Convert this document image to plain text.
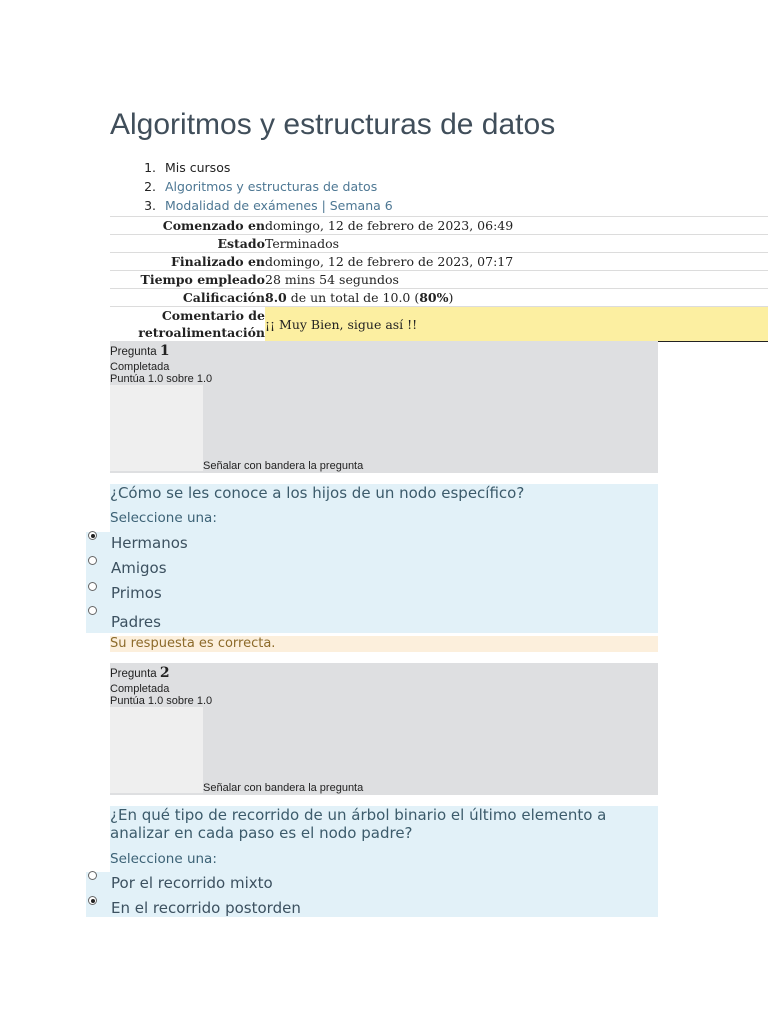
Algoritmos y estructuras de datos
1 . Mis cursos
2 . Algoritmos y estructuras de datos
3 . Modalidad de exámenes | Semana 6
Comenzado en	domingo, 12 de febrero de 2023, 06:49
Estado	Terminados
Finalizado en	domingo, 12 de febrero de 2023, 07:17
Tiempo empleado	28 mins 54 segundos
Calificación	8.0 de un total de 10.0 (80%)
Comentario de
retroalimentación	¡¡ Muy Bien, sigue así !!
Pregunta 1
Completada
Puntúa 1.0 sobre 1.0
Señalar con bandera la pregunta
¿Cómo se les conoce a los hijos de un nodo específico?
Seleccione una:
Hermanos
Amigos
Primos
Padres
Su respuesta es correcta.
Pregunta 2
Completada
Puntúa 1.0 sobre 1.0
Señalar con bandera la pregunta
¿En qué tipo de recorrido de un árbol binario el último elemento a analizar en cada paso es el nodo padre?
Seleccione una:
Por el recorrido mixto
En el recorrido postorden
